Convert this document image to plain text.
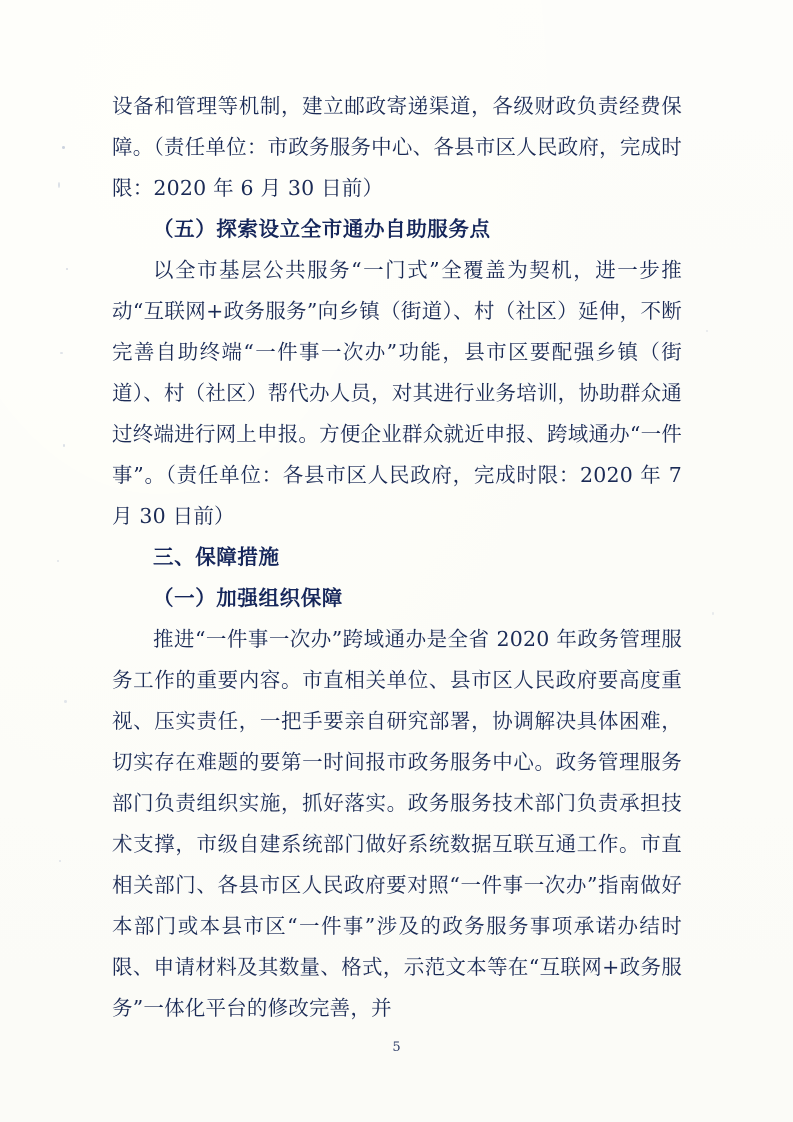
设备和管理等机制，建立邮政寄递渠道，各级财政负责经费保障。（责任单位：市政务服务中心、各县市区人民政府，完成时限：2020 年 6 月 30 日前）

（五）探索设立全市通办自助服务点

以全市基层公共服务“一门式”全覆盖为契机，进一步推动“互联网+政务服务”向乡镇（街道）、村（社区）延伸，不断完善自助终端“一件事一次办”功能，县市区要配强乡镇（街道）、村（社区）帮代办人员，对其进行业务培训，协助群众通过终端进行网上申报。方便企业群众就近申报、跨域通办“一件事”。（责任单位：各县市区人民政府，完成时限：2020 年 7 月 30 日前）

三、保障措施

（一）加强组织保障

推进“一件事一次办”跨域通办是全省 2020 年政务管理服务工作的重要内容。市直相关单位、县市区人民政府要高度重视、压实责任，一把手要亲自研究部署，协调解决具体困难，切实存在难题的要第一时间报市政务服务中心。政务管理服务部门负责组织实施，抓好落实。政务服务技术部门负责承担技术支撑，市级自建系统部门做好系统数据互联互通工作。市直相关部门、各县市区人民政府要对照“一件事一次办”指南做好本部门或本县市区“一件事”涉及的政务服务事项承诺办结时限、申请材料及其数量、格式，示范文本等在“互联网+政务服务”一体化平台的修改完善，并

5
